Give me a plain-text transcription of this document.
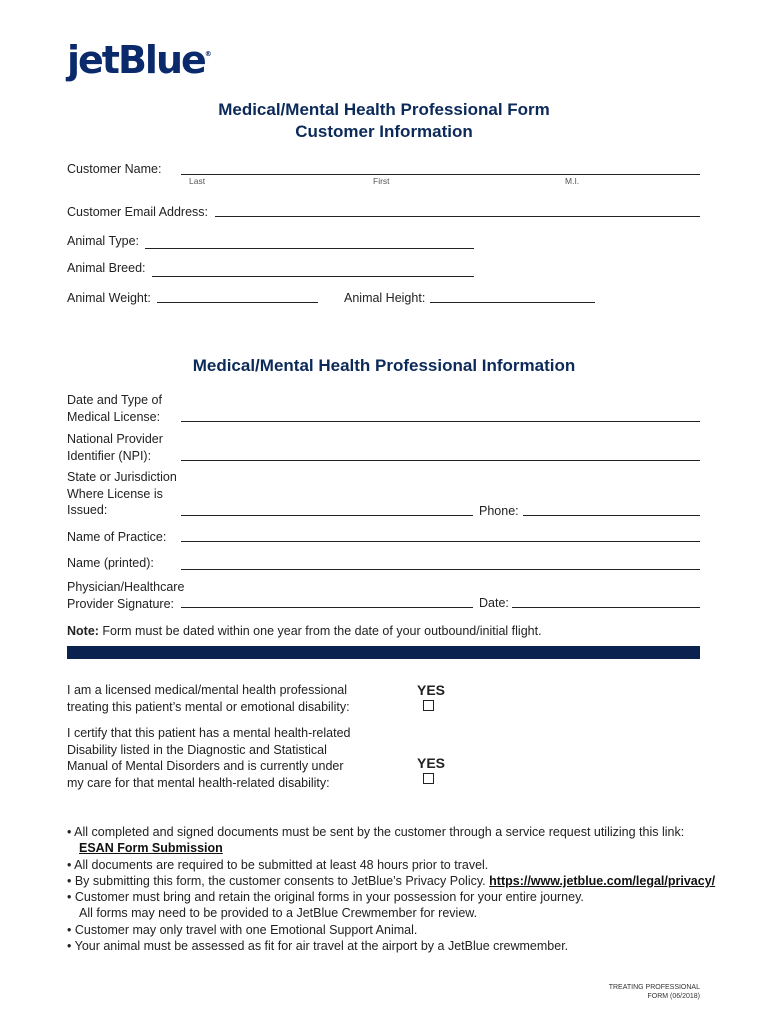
jetBlue®
Medical/Mental Health Professional Form
Customer Information
Customer Name:
Last	First	M.I.
Customer Email Address:
Animal Type:
Animal Breed:
Animal Weight:	Animal Height:
Medical/Mental Health Professional Information
Date and Type of
Medical License:
National Provider
Identifier (NPI):
State or Jurisdiction
Where License is
Issued:	Phone:
Name of Practice:
Name (printed):
Physician/Healthcare
Provider Signature:	Date:
Note: Form must be dated within one year from the date of your outbound/initial flight.
I am a licensed medical/mental health professional
treating this patient’s mental or emotional disability:
YES
I certify that this patient has a mental health-related
Disability listed in the Diagnostic and Statistical
Manual of Mental Disorders and is currently under
my care for that mental health-related disability:
YES
• All completed and signed documents must be sent by the customer through a service request utilizing this link:
ESAN Form Submission
• All documents are required to be submitted at least 48 hours prior to travel.
• By submitting this form, the customer consents to JetBlue’s Privacy Policy. https://www.jetblue.com/legal/privacy/
• Customer must bring and retain the original forms in your possession for your entire journey.
All forms may need to be provided to a JetBlue Crewmember for review.
• Customer may only travel with one Emotional Support Animal.
• Your animal must be assessed as fit for air travel at the airport by a JetBlue crewmember.
TREATING PROFESSIONAL
FORM (06/2018)
